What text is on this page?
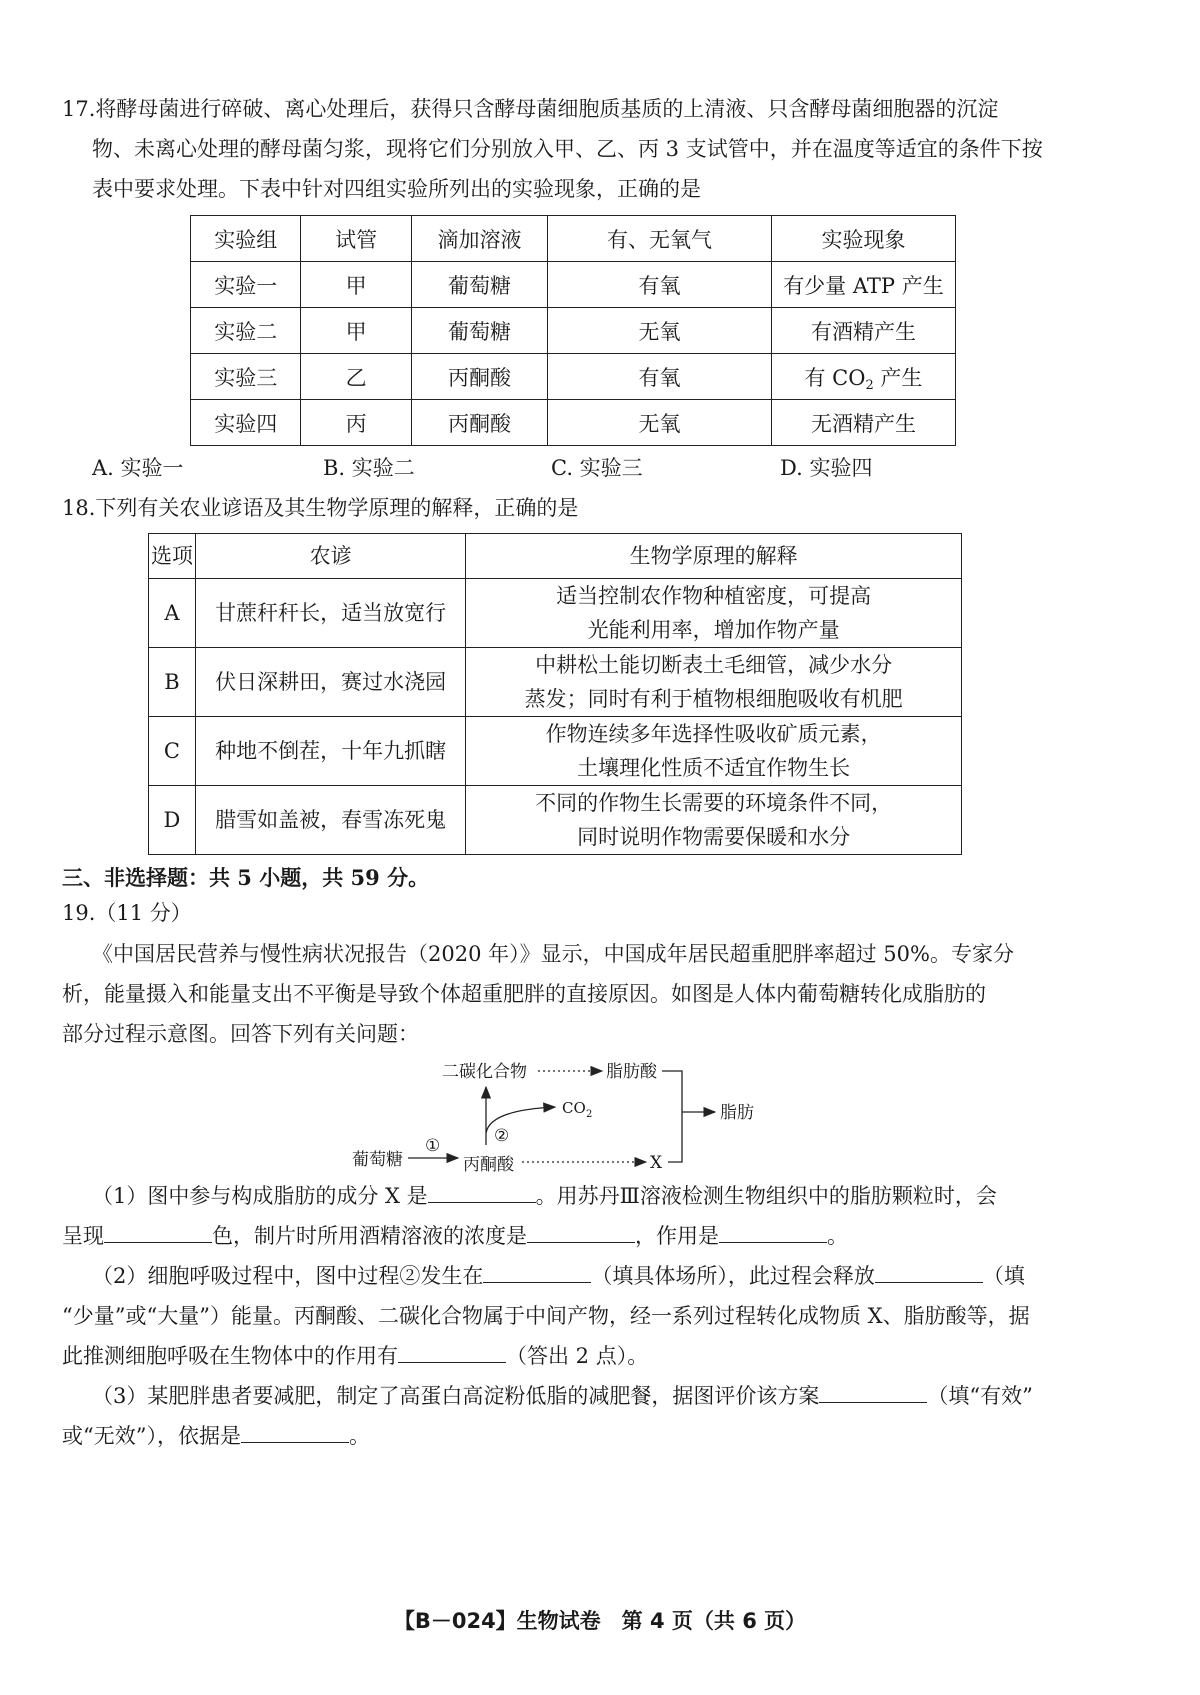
17.将酵母菌进行碎破、离心处理后，获得只含酵母菌细胞质基质的上清液、只含酵母菌细胞器的沉淀
物、未离心处理的酵母菌匀浆，现将它们分别放入甲、乙、丙 3 支试管中，并在温度等适宜的条件下按
表中要求处理。下表中针对四组实验所列出的实验现象，正确的是
实验组	试管	滴加溶液	有、无氧气	实验现象
实验一	甲	葡萄糖	有氧	有少量 ATP 产生
实验二	甲	葡萄糖	无氧	有酒精产生
实验三	乙	丙酮酸	有氧	有 CO2 产生
实验四	丙	丙酮酸	无氧	无酒精产生
A. 实验一	B. 实验二	C. 实验三	D. 实验四
18.下列有关农业谚语及其生物学原理的解释，正确的是
选项	农谚	生物学原理的解释
A	甘蔗秆秆长，适当放宽行	适当控制农作物种植密度，可提高
光能利用率，增加作物产量

B	伏日深耕田，赛过水浇园	中耕松土能切断表土毛细管，减少水分
蒸发；同时有利于植物根细胞吸收有机肥

C	种地不倒茬，十年九抓瞎	作物连续多年选择性吸收矿质元素，
土壤理化性质不适宜作物生长

D	腊雪如盖被，春雪冻死鬼	不同的作物生长需要的环境条件不同，
同时说明作物需要保暖和水分
三、非选择题：共 5 小题，共 59 分。
19.（11 分）
《中国居民营养与慢性病状况报告（2020 年）》显示，中国成年居民超重肥胖率超过 50%。专家分
析，能量摄入和能量支出不平衡是导致个体超重肥胖的直接原因。如图是人体内葡萄糖转化成脂肪的
部分过程示意图。回答下列有关问题：
葡萄糖	丙酮酸
二碳化合物	脂肪酸
CO 2
X
脂肪
①	②
（1）图中参与构成脂肪的成分 X 是	。用苏丹Ⅲ溶液检测生物组织中的脂肪颗粒时，会
呈现	色，制片时所用酒精溶液的浓度是	，作用是	。
（2）细胞呼吸过程中，图中过程②发生在	（填具体场所），此过程会释放	（填
“少量”或“大量”）能量。丙酮酸、二碳化合物属于中间产物，经一系列过程转化成物质 X、脂肪酸等，据
此推测细胞呼吸在生物体中的作用有	（答出 2 点）。
（3）某肥胖患者要减肥，制定了高蛋白高淀粉低脂的减肥餐，据图评价该方案	（填“有效”
或“无效”），依据是	。
【B－024】生物试卷　第 4 页（共 6 页）
